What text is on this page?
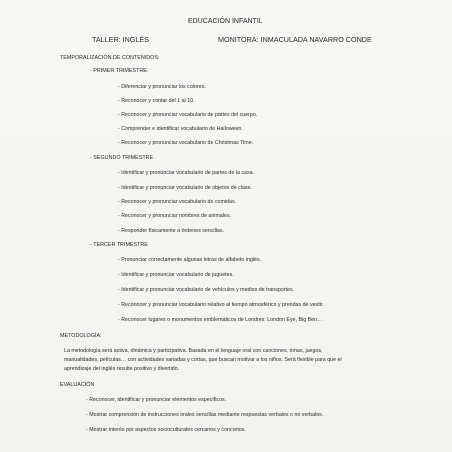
EDUCACIÓN INFANTIL
TALLER: INGLÉS	MONITORA: INMACULADA NAVARRO CONDE
TEMPORALIZACIÓN DE CONTENIDOS:
- PRIMER TRIMESTRE.
- Diferenciar y pronunciar los colores.
- Reconocer y contar del 1 al 10.
- Reconocer y pronunciar vocabulario de partes del cuerpo.
- Comprender e identificar vocabulario de Halloween.
- Reconocer y pronunciar vocabulario de Christmas Time.
- SEGUNDO TRIMESTRE
- Identificar y pronunciar vocabulario de partes de la casa.
- Identificar y pronunciar vocabulario de objetos de clase.
- Reconocer y pronunciar vocabulario de comidas.
- Reconocer y pronunciar nombres de animales.
- Responder físicamente a órdenes sencillas.
- TERCER TRIMESTRE
- Pronunciar correctamente algunas letras de alfabeto inglés.
- Identificar y pronunciar vocabulario de juguetes.
- Identificar y pronunciar vocabulario de vehículos y medios de transportes.
- Reconocer y pronunciar vocabulario relativo al tiempo atmosférico y prendas de vestir.
- Reconocer lugares o monumentos emblemáticos de Londres: London Eye, Big Ben…
METODOLOGÍA:
La metodología será activa, dinámica y participativa. Basada en el lenguaje oral con canciones, rimas, juegos,
manualidades, películas… con actividades variadas y cortas, que buscan motivar a los niños. Será flexible para que el
aprendizaje del inglés resulte positivo y divertido.
EVALUACIÓN
- Reconocer, identificar y pronunciar elementos específicos.
- Mostrar comprensión de instrucciones orales sencillas mediante respuestas verbales o no verbales.
- Mostrar interés por aspectos socioculturales cercanos y concretos.
